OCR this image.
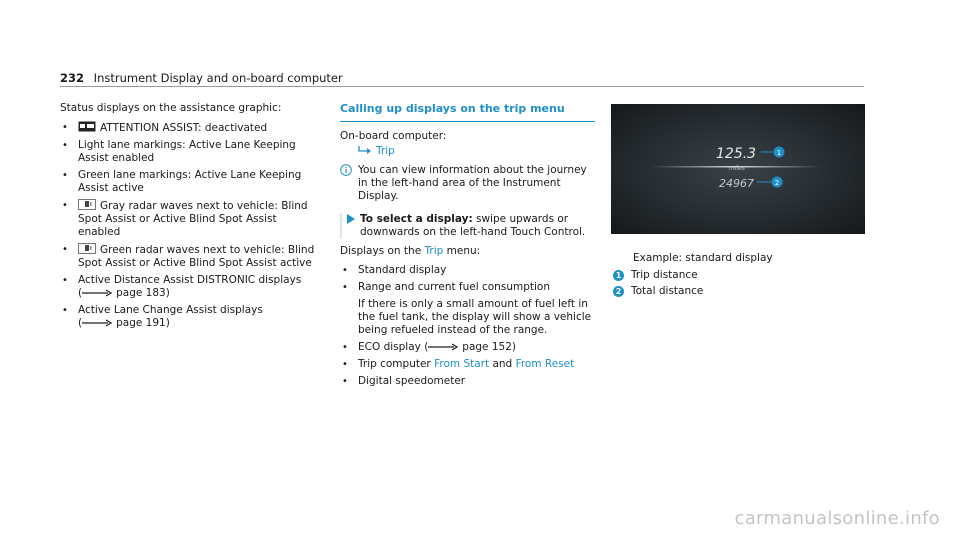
232 Instrument Display and on-board computer

Status displays on the assistance graphic:

•	ATTENTION ASSIST: deactivated
• Light lane markings: Active Lane Keeping Assist enabled
• Green lane markings: Active Lane Keeping Assist active
•	Gray radar waves next to vehicle: Blind Spot Assist or Active Blind Spot Assist enabled
•	Green radar waves next to vehicle: Blind Spot Assist or Active Blind Spot Assist active
• Active Distance Assist DISTRONIC displays
(	page 183)
• Active Lane Change Assist displays
(	page 191)
Calling up displays on the trip menu

On-board computer:

Trip
You can view information about the journey in the left-hand area of the Instrument Display.
To select a display: swipe upwards or downwards on the left-hand Touch Control.

Displays on the Trip menu:

• Standard display
• Range and current fuel consumption

If there is only a small amount of fuel left in the fuel tank, the display will show a vehicle being refueled instead of the range.

• ECO display (	page 152)
• Trip computer From Start and From Reset
• Digital speedometer
125.3
miles
24967
1
2

Example: standard display

1 Trip distance
2 Total distance
carmanualsonline.info
